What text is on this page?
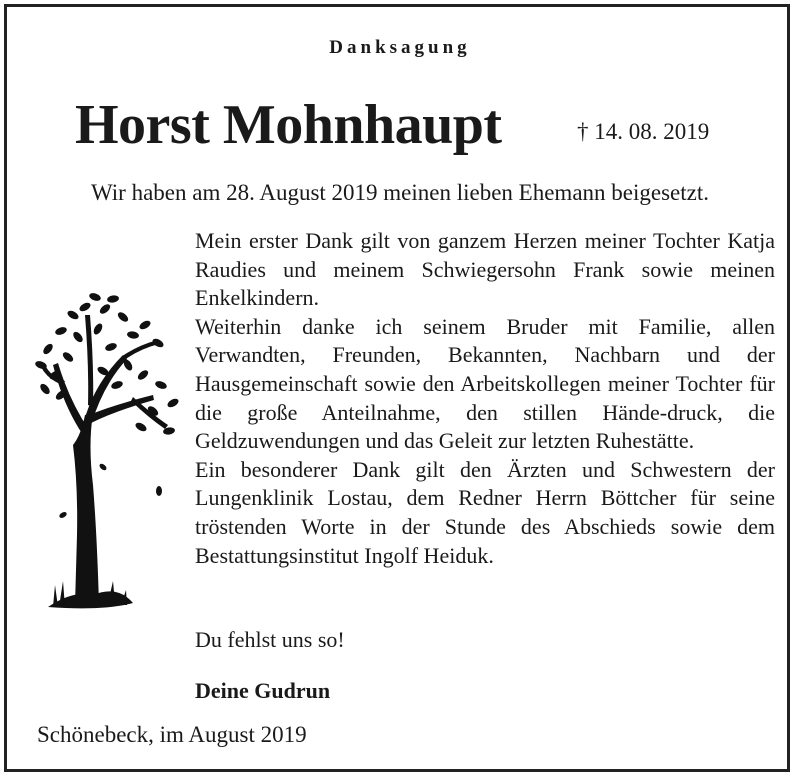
Danksagung
Horst Mohnhaupt	† 14. 08. 2019
Wir haben am 28. August 2019 meinen lieben Ehemann beigesetzt.

Mein erster Dank gilt von ganzem Herzen meiner Tochter Katja Raudies und meinem Schwiegersohn Frank sowie meinen Enkelkindern.

Weiterhin danke ich seinem Bruder mit Familie, allen Verwandten, Freunden, Bekannten, Nachbarn und der Hausgemeinschaft sowie den Arbeitskollegen meiner Tochter für die große Anteilnahme, den stillen Hände-druck, die Geldzuwendungen und das Geleit zur letzten Ruhestätte.

Ein besonderer Dank gilt den Ärzten und Schwestern der Lungenklinik Lostau, dem Redner Herrn Böttcher für seine tröstenden Worte in der Stunde des Abschieds sowie dem Bestattungsinstitut Ingolf Heiduk.

Du fehlst uns so!
Deine Gudrun
Schönebeck, im August 2019
